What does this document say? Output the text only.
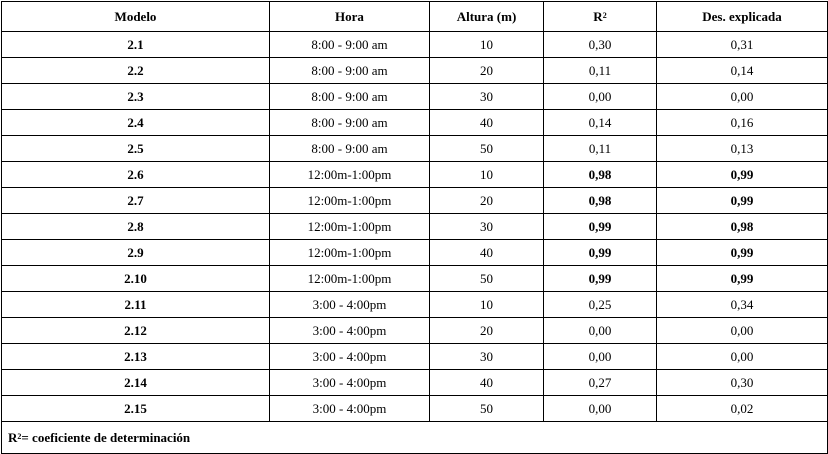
Modelo	Hora	Altura (m)	$R^2$	Des. explicada
2.1	8:00 - 9:00 am	10	0,30	0,31
2.2	8:00 - 9:00 am	20	0,11	0,14
2.3	8:00 - 9:00 am	30	0,00	0,00
2.4	8:00 - 9:00 am	40	0,14	0,16
2.5	8:00 - 9:00 am	50	0,11	0,13
2.6	12:00m-1:00pm	10	0,98	0,99
2.7	12:00m-1:00pm	20	0,98	0,99
2.8	12:00m-1:00pm	30	0,99	0,98
2.9	12:00m-1:00pm	40	0,99	0,99
2.10	12:00m-1:00pm	50	0,99	0,99
2.11	3:00 - 4:00pm	10	0,25	0,34
2.12	3:00 - 4:00pm	20	0,00	0,00
2.13	3:00 - 4:00pm	30	0,00	0,00
2.14	3:00 - 4:00pm	40	0,27	0,30
2.15	3:00 - 4:00pm	50	0,00	0,02
$R^2=$ coeficiente de determinación				
